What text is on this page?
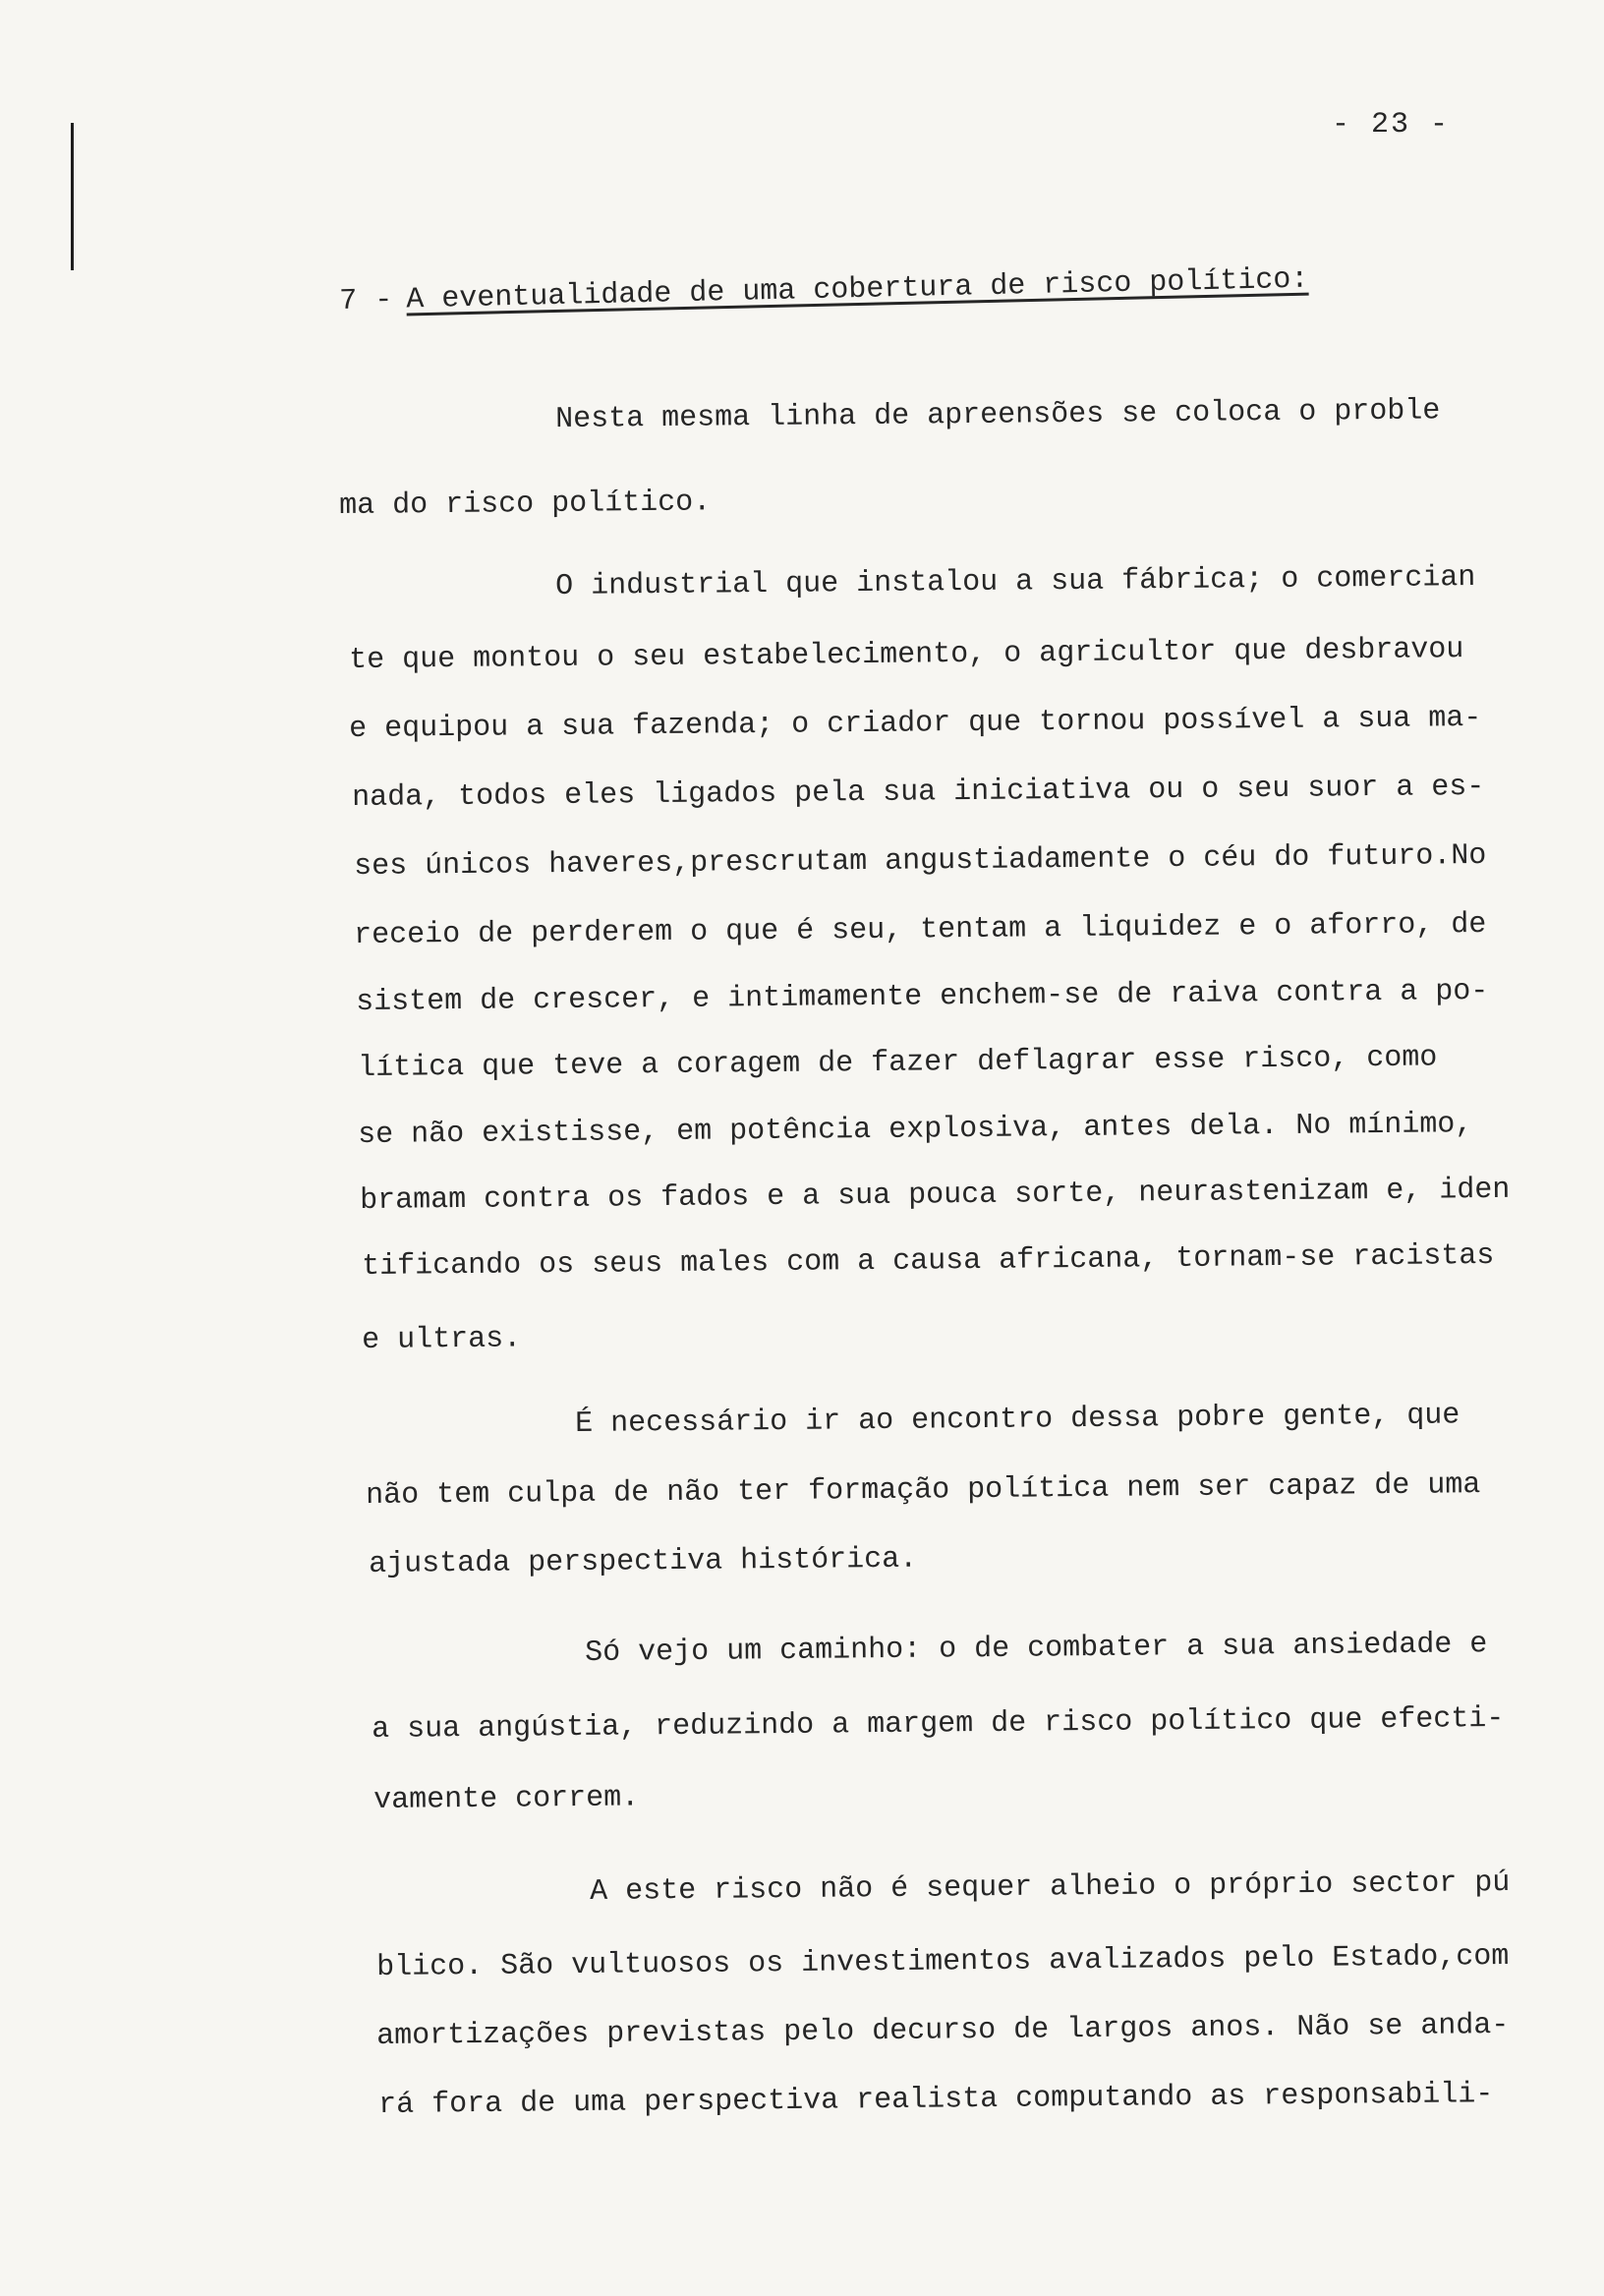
- 23 -
7 - A eventualidade de uma cobertura de risco político:
Nesta mesma linha de apreensões se coloca o proble
ma do risco político.
O industrial que instalou a sua fábrica; o comercian
te que montou o seu estabelecimento, o agricultor que desbravou
e equipou a sua fazenda; o criador que tornou possível a sua ma-
nada, todos eles ligados pela sua iniciativa ou o seu suor a es-
ses únicos haveres,prescrutam angustiadamente o céu do futuro.No
receio de perderem o que é seu, tentam a liquidez e o aforro, de
sistem de crescer, e intimamente enchem-se de raiva contra a po-
lítica que teve a coragem de fazer deflagrar esse risco, como
se não existisse, em potência explosiva, antes dela. No mínimo,
bramam contra os fados e a sua pouca sorte, neurastenizam e, iden
tificando os seus males com a causa africana, tornam-se racistas
e ultras.
É necessário ir ao encontro dessa pobre gente, que
não tem culpa de não ter formação política nem ser capaz de uma
ajustada perspectiva histórica.
Só vejo um caminho: o de combater a sua ansiedade e
a sua angústia, reduzindo a margem de risco político que efecti-
vamente correm.
A este risco não é sequer alheio o próprio sector pú
blico. São vultuosos os investimentos avalizados pelo Estado,com
amortizações previstas pelo decurso de largos anos. Não se anda-
rá fora de uma perspectiva realista computando as responsabili-
